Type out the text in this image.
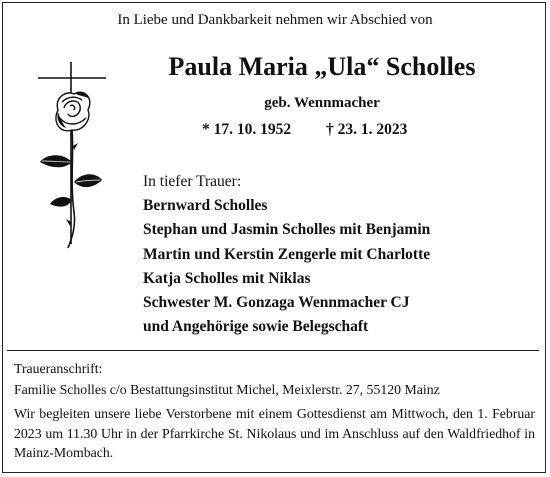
In Liebe und Dankbarkeit nehmen wir Abschied von
Paula Maria „Ula“ Scholles
geb. Wennmacher
* 17. 10. 1952 † 23. 1. 2023
In tiefer Trauer:
Bernward Scholles
Stephan und Jasmin Scholles mit Benjamin
Martin und Kerstin Zengerle mit Charlotte
Katja Scholles mit Niklas
Schwester M. Gonzaga Wennmacher CJ
und Angehörige sowie Belegschaft
Traueranschrift:
Familie Scholles c/o Bestattungsinstitut Michel, Meixlerstr. 27, 55120 Mainz
Wir begleiten unsere liebe Verstorbene mit einem Gottesdienst am Mittwoch, den 1. Februar 2023 um 11.30 Uhr in der Pfarrkirche St. Nikolaus und im Anschluss auf den Waldfriedhof in Mainz-Mombach.
